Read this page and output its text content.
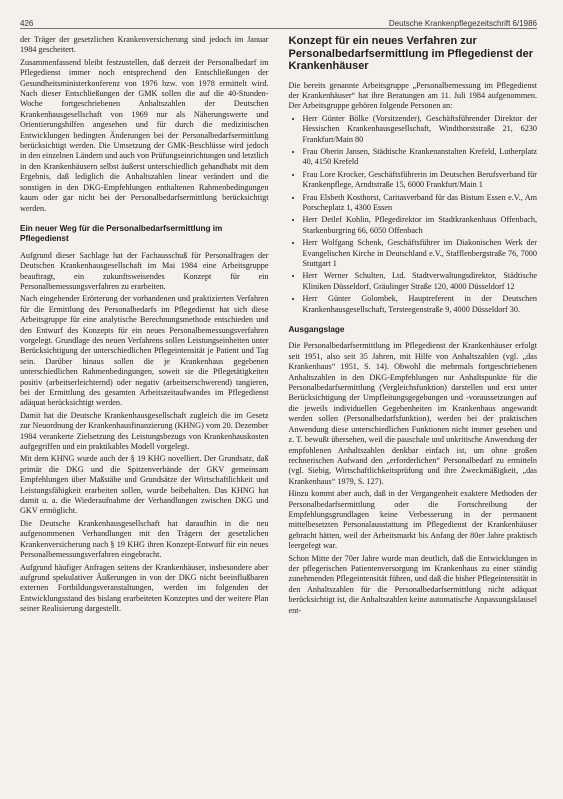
426	Deutsche Krankenpflegezeitschrift 6/1986

der Träger der gesetzlichen Krankenversicherung sind jedoch im Januar 1984 gescheitert.

Zusammenfassend bleibt festzustellen, daß derzeit der Personalbedarf im Pflegedienst immer noch entsprechend den Entschließungen der Gesundheitsministerkonferenz von 1976 bzw. von 1978 ermittelt wird. Nach dieser Entschließungen der GMK sollen die auf die 40-Stunden-Woche fortgeschriebenen Anhaltszahlen der Deutschen Krankenhausgesellschaft von 1969 nur als Näherungswerte und Orientierungshilfen angesehen und für durch die medizinischen Entwicklungen bedingten Änderungen bei der Personalbedarfsermittlung berücksichtigt werden. Die Umsetzung der GMK-Beschlüsse wird jedoch in den einzelnen Ländern und auch von Prüfungseinrichtungen und letztlich in den Krankenhäusern selbst äußerst unterschiedlich gehandhabt mit dem Ergebnis, daß lediglich die Anhaltszahlen linear verändert und die sonstigen in den DKG-Empfehlungen enthaltenen Rahmenbedingungen kaum oder gar nicht bei der Personalbedarfsermittlung berücksichtigt werden.

Ein neuer Weg für die Personalbedarfsermittlung im Pflegedienst

Aufgrund dieser Sachlage hat der Fachausschuß für Personalfragen der Deutschen Krankenhausgesellschaft im Mai 1984 eine Arbeitsgruppe beauftragt, ein zukunftsweisendes Konzept für ein Personalbemessungsverfahren zu erarbeiten.

Nach eingehender Erörterung der vorhandenen und praktizierten Verfahren für die Ermittlung des Personalbedarfs im Pflegedienst hat sich diese Arbeitsgruppe für eine analytische Berechnungsmethode entschieden und den Entwurf des Konzepts für ein neues Personalbemessungsverfahren vorgelegt. Grundlage des neuen Verfahrens sollen Leistungseinheiten unter Berücksichtigung der unterschiedlichen Pflegeintensität je Patient und Tag sein. Darüber hinaus sollen die je Krankenhaus gegebenen unterschiedlichen Rahmenbedingungen, soweit sie die Pflegetätigkeiten positiv (arbeitserleichternd) oder negativ (arbeitserschwerend) tangieren, bei der Ermittlung des gesamten Arbeitszeitaufwandes im Pflegedienst adäquat berücksichtigt werden.

Damit hat die Deutsche Krankenhausgesellschaft zugleich die im Gesetz zur Neuordnung der Krankenhausfinanzierung (KHNG) vom 20. Dezember 1984 verankerte Zielsetzung des Leistungsbezugs von Krankenhauskosten aufgegriffen und ein praktikables Modell vorgelegt.

Mit dem KHNG wurde auch der § 19 KHG novelliert. Der Grundsatz, daß primär die DKG und die Spitzenverbände der GKV gemeinsam Empfehlungen über Maßstäbe und Grundsätze der Wirtschaftlichkeit und Leistungsfähigkeit erarbeiten sollen, wurde beibehalten. Das KHNG hat damit u. a. die Wiederaufnahme der Verhandlungen zwischen DKG und GKV ermöglicht.

Die Deutsche Krankenhausgesellschaft hat daraufhin in die neu aufgenommenen Verhandlungen mit den Trägern der gesetzlichen Krankenversicherung nach § 19 KHG ihren Konzept-Entwurf für ein neues Personalbemessungsverfahren eingebracht.

Aufgrund häufiger Anfragen seitens der Krankenhäuser, insbesondere aber aufgrund spekulativer Äußerungen in von der DKG nicht beeinflußbaren externen Fortbildungsveranstaltungen, werden im folgenden der Entwicklungsstand des bislang erarbeiteten Konzeptes und der weitere Plan seiner Realisierung dargestellt.

Konzept für ein neues Verfahren zur Personalbedarfsermittlung im Pflegedienst der Krankenhäuser

Die bereits genannte Arbeitsgruppe „Personalbemessung im Pflegedienst der Krankenhäuser“ hat ihre Beratungen am 11. Juli 1984 aufgenommen. Der Arbeitsgruppe gehören folgende Personen an:

• Herr Günter Bölke (Vorsitzender), Geschäftsführender Direktor der Hessischen Krankenhausgesellschaft, Windthorststraße 21, 6230 Frankfurt/Main 80
• Frau Oberin Jansen, Städtische Krankenanstalten Krefeld, Lutherplatz 40, 4150 Krefeld
• Frau Lore Krocker, Geschäftsführerin im Deutschen Berufsverband für Krankenpflege, Arndtstraße 15, 6000 Frankfurt/Main 1
• Frau Elsbeth Kosthorst, Caritasverband für das Bistum Essen e.V., Am Porscheplatz 1, 4300 Essen
• Herr Detlef Kohlin, Pflegedirektor im Stadtkrankenhaus Offenbach, Starkenburgring 66, 6050 Offenbach
• Herr Wolfgang Schenk, Geschäftsführer im Diakonischen Werk der Evangelischen Kirche in Deutschland e.V., Stafflenbergstraße 76, 7000 Stuttgart 1
• Herr Werner Schulten, Ltd. Stadtverwaltungsdirektor, Städtische Kliniken Düsseldorf, Gräulinger Straße 120, 4000 Düsseldorf 12
• Herr Günter Golombek, Hauptreferent in der Deutschen Krankenhausgesellschaft, Tersteegenstraße 9, 4000 Düsseldorf 30.
Ausgangslage

Die Personalbedarfsermittlung im Pflegedienst der Krankenhäuser erfolgt seit 1951, also seit 35 Jahren, mit Hilfe von Anhaltszahlen (vgl. „das Krankenhaus“ 1951, S. 14). Obwohl die mehrmals fortgeschriebenen Anhaltszahlen in den DKG-Empfehlungen nur Anhaltspunkte für die Personalbedarfsermittlung (Vergleichsfunktion) darstellen und erst unter Berücksichtigung der Umpfleitungsgegebungen und -voraussetzungen auf die jeweils individuellen Gegebenheiten im Krankenhaus angewandt werden sollen (Personalbedarfsfunktion), werden bei der praktischen Anwendung diese unterschiedlichen Funktionen nicht immer gesehen und z. T. bewußt übersehen, weil die pauschale und unkritische Anwendung der empfohlenen Anhaltszahlen denkbar einfach ist, um ohne großen rechnerischen Aufwand den „erforderlichen“ Personalbedarf zu ermitteln (vgl. Siebig, Wirtschaftlichkeitsprüfung und ihre Zweckmäßigkeit, „das Krankenhaus“ 1979, S. 127).

Hinzu kommt aber auch, daß in der Vergangenheit exaktere Methoden der Personalbedarfsermittlung oder die Fortschreibung der Empfehlungsgrundlagen keine Verbesserung in der permanent mittelbesetzten Personalausstattung im Pflegedienst der Krankenhäuser gebracht hätten, weil der Arbeitsmarkt bis Anfang der 80er Jahre praktisch leergefegt war.

Schon Mitte der 70er Jahre wurde man deutlich, daß die Entwicklungen in der pflegerischen Patientenversorgung im Krankenhaus zu einer ständig zunehmenden Pflegeintensität führen, und daß die bisher Pflegeintensität in den Anhaltszahlen für die Personalbedarfsermittlung nicht adäquat berücksichtigt ist, die Anhaltszahlen keine automatische Anpassungsklausel ent-
